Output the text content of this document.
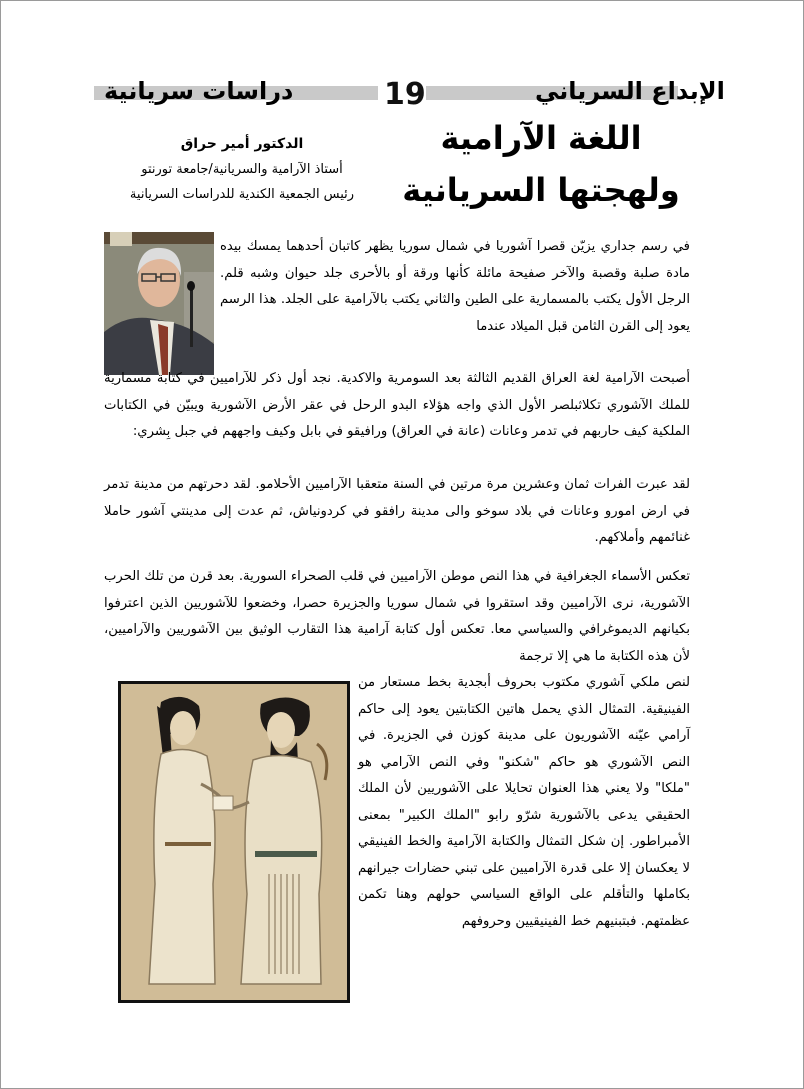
دراسات سريانية	19	الإبداع السرياني
اللغة الآرامية
ولهجتها السريانية
الدكتور أمير حراق
أستاذ الآرامية والسريانية/جامعة تورنتو
رئيس الجمعية الكندية للدراسات السريانية

في رسم جداري يزيّن قصرا آشوريا في شمال سوريا يظهر كاتبان أحدهما يمسك بيده مادة صلبة وقصبة والآخر صفيحة مائلة كأنها ورقة أو بالأحرى جلد حيوان وشبه قلم. الرجل الأول يكتب بالمسمارية على الطين والثاني يكتب بالآرامية على الجلد. هذا الرسم يعود إلى القرن الثامن قبل الميلاد عندما

أصبحت الآرامية لغة العراق القديم الثالثة بعد السومرية والاكدية. نجد أول ذكر للآراميين في كتابة مسمارية للملك الآشوري تكلاثبلصر الأول الذي واجه هؤلاء البدو الرحل في عقر الأرض الآشورية ويبيّن في الكتابات الملكية كيف حاربهم في تدمر وعانات (عانة في العراق) ورافيقو في بابل وكيف واجههم في جبل بِشري:

لقد عبرت الفرات ثمان وعشرين مرة مرتين في السنة متعقبا الآراميين الأحلامو. لقد دحرتهم من مدينة تدمر في ارض امورو وعانات في بلاد سوخو والى مدينة رافقو في كردونياش، ثم عدت إلى مدينتي آشور حاملا غنائمهم وأملاكهم.

تعكس الأسماء الجغرافية في هذا النص موطن الآراميين في قلب الصحراء السورية. بعد قرن من تلك الحرب الآشورية، نرى الآراميين وقد استقروا في شمال سوريا والجزيرة حصرا، وخضعوا للآشوريين الذين اعترفوا بكيانهم الديموغرافي والسياسي معا. تعكس أول كتابة آرامية هذا التقارب الوثيق بين الآشوريين والآراميين، لأن هذه الكتابة ما هي إلا ترجمة

لنص ملكي آشوري مكتوب بحروف أبجدية بخط مستعار من الفينيقية. التمثال الذي يحمل هاتين الكتابتين يعود إلى حاكم آرامي عيّنه الآشوريون على مدينة كوزن في الجزيرة. في النص الآشوري هو حاكم "شكنو" وفي النص الآرامي هو "ملكا" ولا يعني هذا العنوان تحايلا على الآشوريين لأن الملك الحقيقي يدعى بالآشورية شرّو رابو "الملك الكبير" بمعنى الأمبراطور. إن شكل التمثال والكتابة الآرامية والخط الفينيقي لا يعكسان إلا على قدرة الآراميين على تبني حضارات جيرانهم بكاملها والتأقلم على الواقع السياسي حولهم وهنا تكمن عظمتهم. فبتبنيهم خط الفينيقيين وحروفهم
